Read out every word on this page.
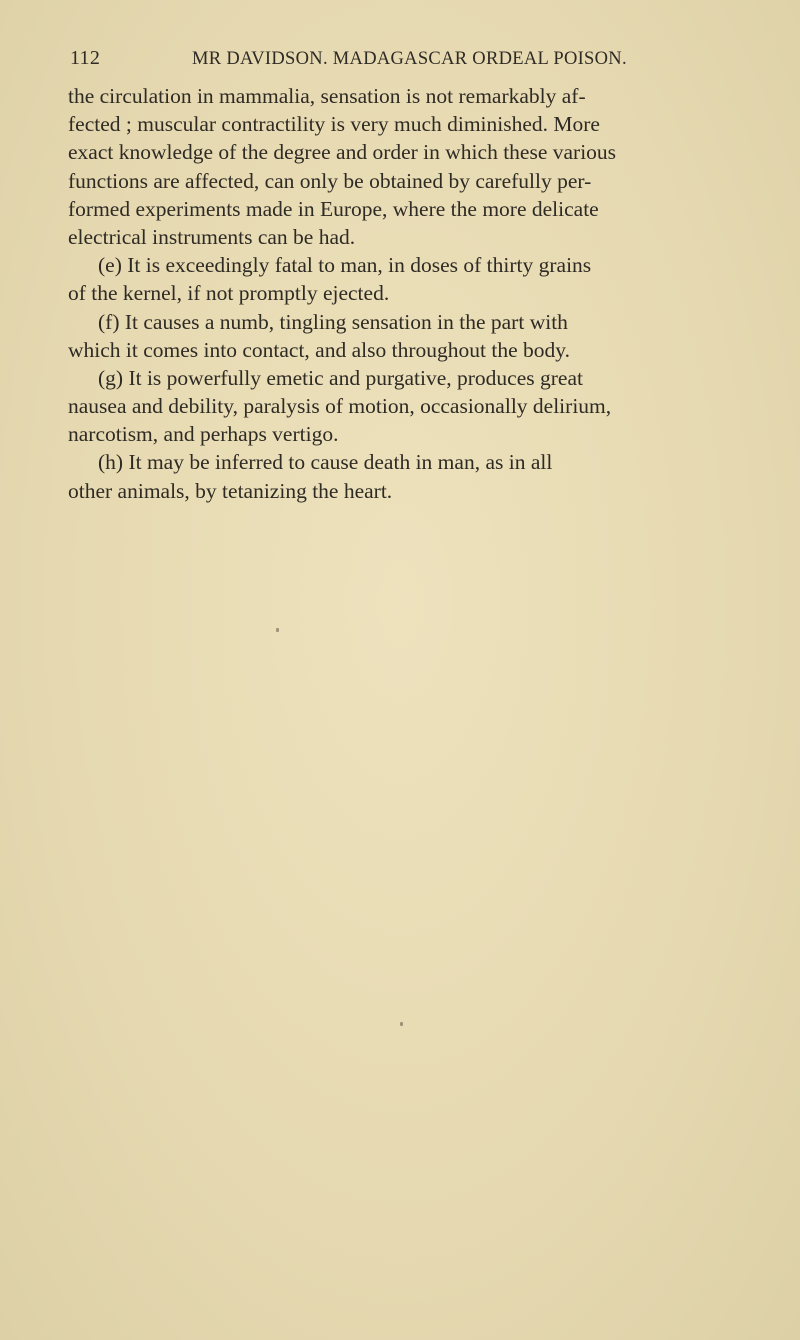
112	MR DAVIDSON. MADAGASCAR ORDEAL POISON.
the circulation in mammalia, sensation is not remarkably af-
fected ; muscular contractility is very much diminished. More
exact knowledge of the degree and order in which these various
functions are affected, can only be obtained by carefully per-
formed experiments made in Europe, where the more delicate
electrical instruments can be had.
(e) It is exceedingly fatal to man, in doses of thirty grains
of the kernel, if not promptly ejected.
(f) It causes a numb, tingling sensation in the part with
which it comes into contact, and also throughout the body.
(g) It is powerfully emetic and purgative, produces great
nausea and debility, paralysis of motion, occasionally delirium,
narcotism, and perhaps vertigo.
(h) It may be inferred to cause death in man, as in all
other animals, by tetanizing the heart.
